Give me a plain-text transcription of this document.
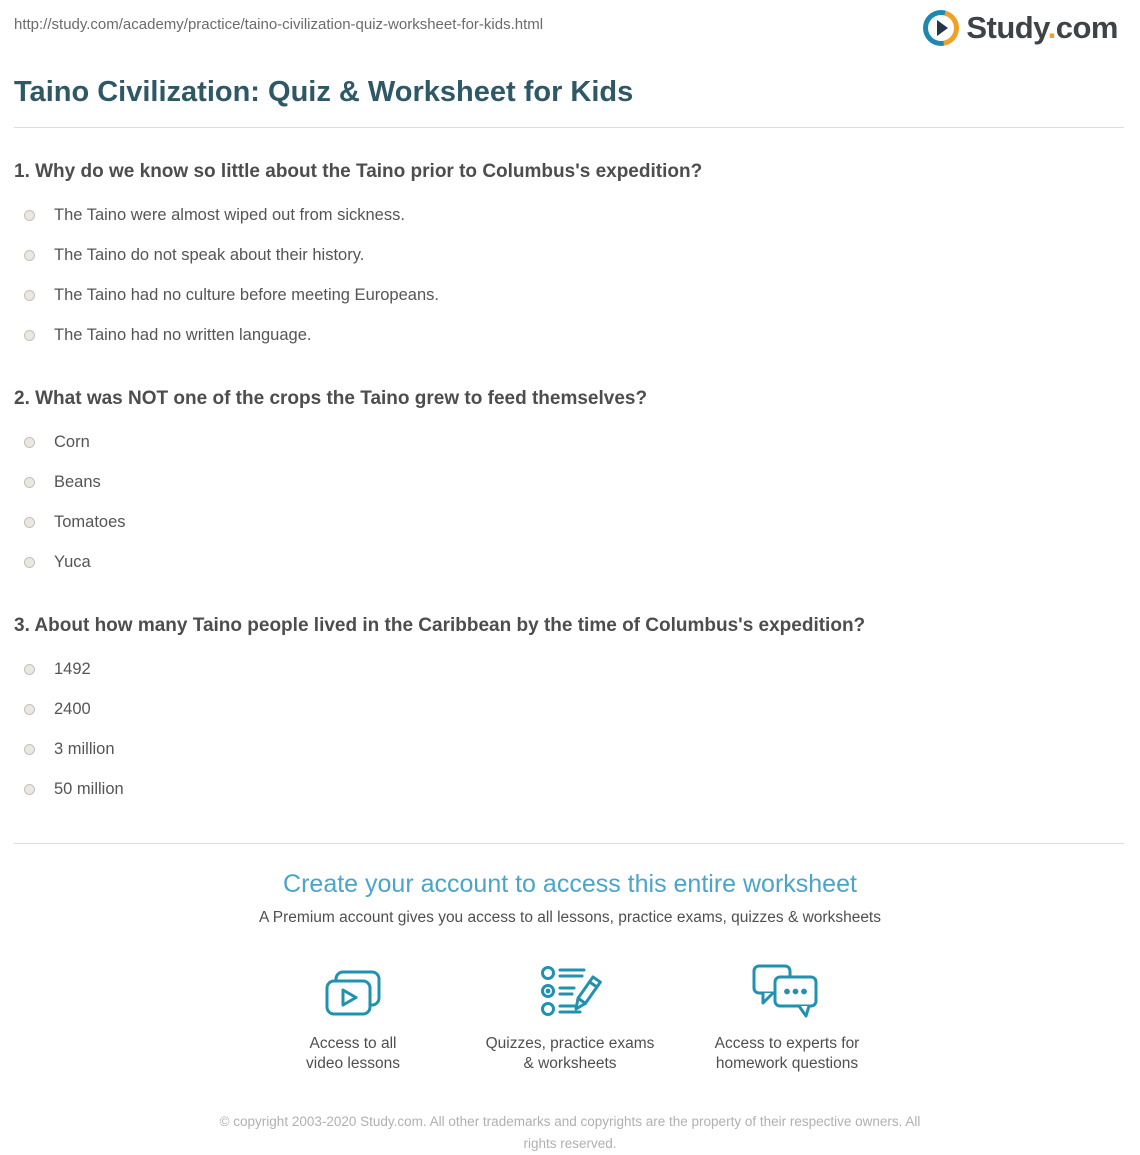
http://study.com/academy/practice/taino-civilization-quiz-worksheet-for-kids.html	Study.com
Taino Civilization: Quiz & Worksheet for Kids
1. Why do we know so little about the Taino prior to Columbus's expedition?
The Taino were almost wiped out from sickness.
The Taino do not speak about their history.
The Taino had no culture before meeting Europeans.
The Taino had no written language.
2. What was NOT one of the crops the Taino grew to feed themselves?
Corn
Beans
Tomatoes
Yuca
3. About how many Taino people lived in the Caribbean by the time of Columbus's expedition?
1492
2400
3 million
50 million
Create your account to access this entire worksheet

A Premium account gives you access to all lessons, practice exams, quizzes & worksheets

Access to all
video lessons
Quizzes, practice exams
& worksheets
Access to experts for
homework questions

© copyright 2003-2020 Study.com. All other trademarks and copyrights are the property of their respective owners. All rights reserved.
